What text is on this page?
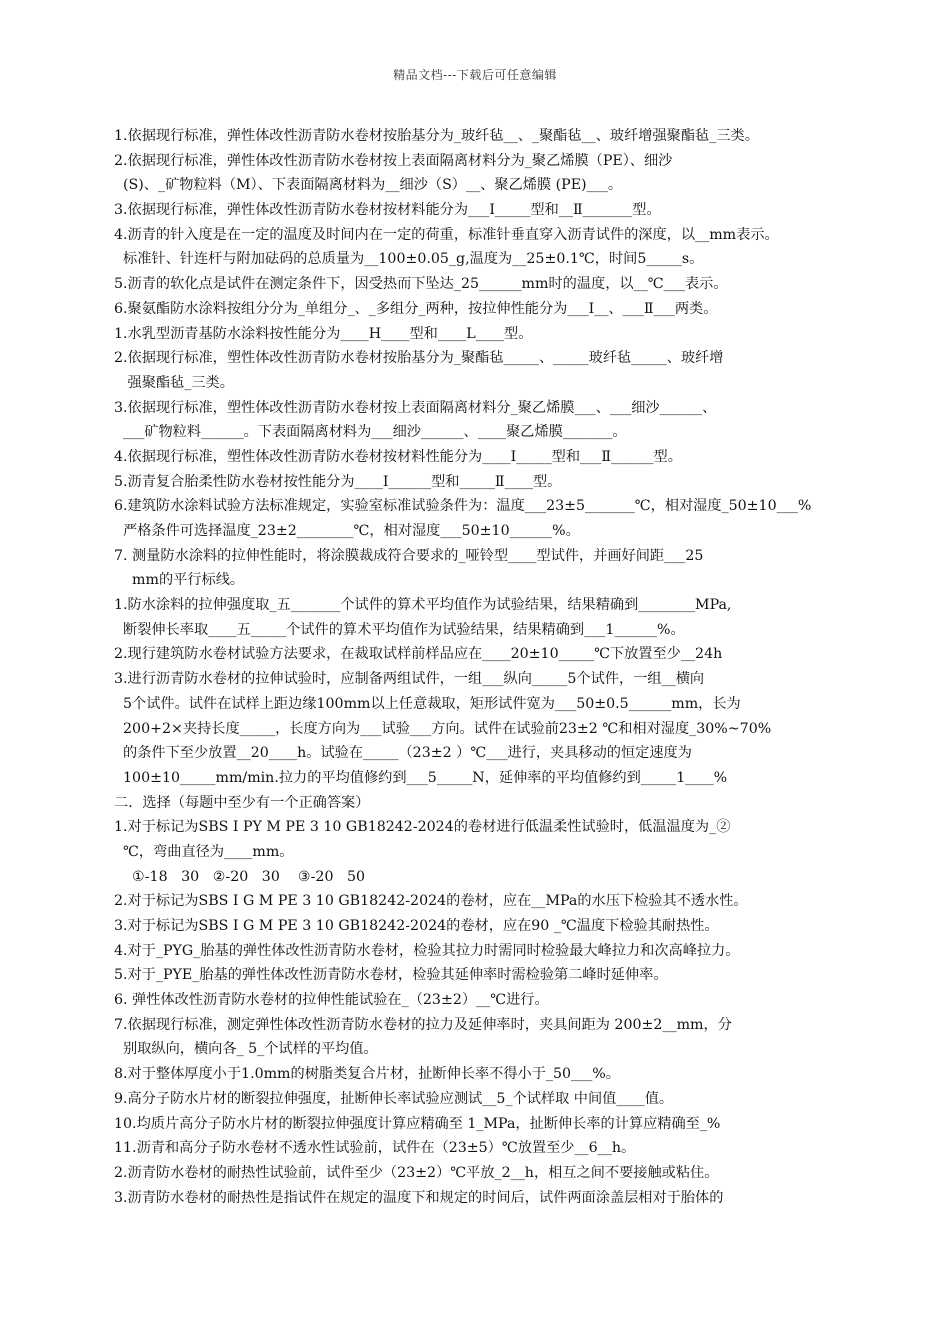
精品文档---下载后可任意编辑
1.依据现行标准，弹性体改性沥青防水卷材按胎基分为_玻纤毡__、_聚酯毡__、玻纤增强聚酯毡_三类。
2.依据现行标准，弹性体改性沥青防水卷材按上表面隔离材料分为_聚乙烯膜（PE）、细沙
(S)、_矿物粒料（M）、下表面隔离材料为__细沙（S）__、聚乙烯膜 (PE)___。
3.依据现行标准，弹性体改性沥青防水卷材按材料能分为___Ⅰ_____型和__Ⅱ_______型。
4.沥青的针入度是在一定的温度及时间内在一定的荷重，标准针垂直穿入沥青试件的深度，以__mm表示。
标准针、针连杆与附加砝码的总质量为__100±0.05_g,温度为__25±0.1℃，时间5_____s。
5.沥青的软化点是试件在测定条件下，因受热而下坠达_25______mm时的温度，以__℃___表示。
6.聚氨酯防水涂料按组分分为_单组分_、_多组分_两种，按拉伸性能分为___Ⅰ__、___Ⅱ___两类。
1.水乳型沥青基防水涂料按性能分为____H____型和____L____型。
2.依据现行标准，塑性体改性沥青防水卷材按胎基分为_聚酯毡_____、_____玻纤毡_____、玻纤增
强聚酯毡_三类。
3.依据现行标准，塑性体改性沥青防水卷材按上表面隔离材料分_聚乙烯膜___、___细沙______、
___矿物粒料______。下表面隔离材料为___细沙______、____聚乙烯膜_______。
4.依据现行标准，塑性体改性沥青防水卷材按材料性能分为____Ⅰ_____型和___Ⅱ______型。
5.沥青复合胎柔性防水卷材按性能分为____Ⅰ______型和_____Ⅱ____型。
6.建筑防水涂料试验方法标准规定，实验室标准试验条件为：温度___23±5_______℃，相对湿度_50±10___%
严格条件可选择温度_23±2________℃，相对湿度___50±10______%。
7. 测量防水涂料的拉伸性能时，将涂膜裁成符合要求的_哑铃型____型试件，并画好间距___25
mm的平行标线。
1.防水涂料的拉伸强度取_五_______个试件的算术平均值作为试验结果，结果精确到________MPa,
断裂伸长率取____五_____个试件的算术平均值作为试验结果，结果精确到___1______%。
2.现行建筑防水卷材试验方法要求，在裁取试样前样品应在____20±10_____℃下放置至少__24h
3.进行沥青防水卷材的拉伸试验时，应制备两组试件，一组___纵向_____5个试件，一组__横向
5个试件。试件在试样上距边缘100mm以上任意裁取，矩形试件宽为___50±0.5______mm，长为
200+2×夹持长度_____，长度方向为___试验___方向。试件在试验前23±2 ℃和相对湿度_30%~70%
的条件下至少放置__20____h。试验在_____（23±2 ）℃___进行，夹具移动的恒定速度为
100±10_____mm/min.拉力的平均值修约到___5_____N，延伸率的平均值修约到_____1____%
二．选择（每题中至少有一个正确答案）
1.对于标记为SBS Ⅰ PY M PE 3 10 GB18242-2024的卷材进行低温柔性试验时，低温温度为_②
℃，弯曲直径为____mm。
①-18   30   ②-20   30    ③-20   50
2.对于标记为SBS Ⅰ G M PE 3 10 GB18242-2024的卷材，应在__MPa的水压下检验其不透水性。
3.对于标记为SBS Ⅰ G M PE 3 10 GB18242-2024的卷材，应在90 _℃温度下检验其耐热性。
4.对于_PYG_胎基的弹性体改性沥青防水卷材，检验其拉力时需同时检验最大峰拉力和次高峰拉力。
5.对于_PYE_胎基的弹性体改性沥青防水卷材，检验其延伸率时需检验第二峰时延伸率。
6. 弹性体改性沥青防水卷材的拉伸性能试验在_（23±2）__℃进行。
7.依据现行标准，测定弹性体改性沥青防水卷材的拉力及延伸率时，夹具间距为 200±2__mm，分
别取纵向，横向各_ 5_个试样的平均值。
8.对于整体厚度小于1.0mm的树脂类复合片材，扯断伸长率不得小于_50___%。
9.高分子防水片材的断裂拉伸强度，扯断伸长率试验应测试__5_个试样取 中间值____值。
10.均质片高分子防水片材的断裂拉伸强度计算应精确至 1_MPa，扯断伸长率的计算应精确至_%
11.沥青和高分子防水卷材不透水性试验前，试件在（23±5）℃放置至少__6__h。
2.沥青防水卷材的耐热性试验前，试件至少（23±2）℃平放_2__h，相互之间不要接触或粘住。
3.沥青防水卷材的耐热性是指试件在规定的温度下和规定的时间后，试件两面涂盖层相对于胎体的
